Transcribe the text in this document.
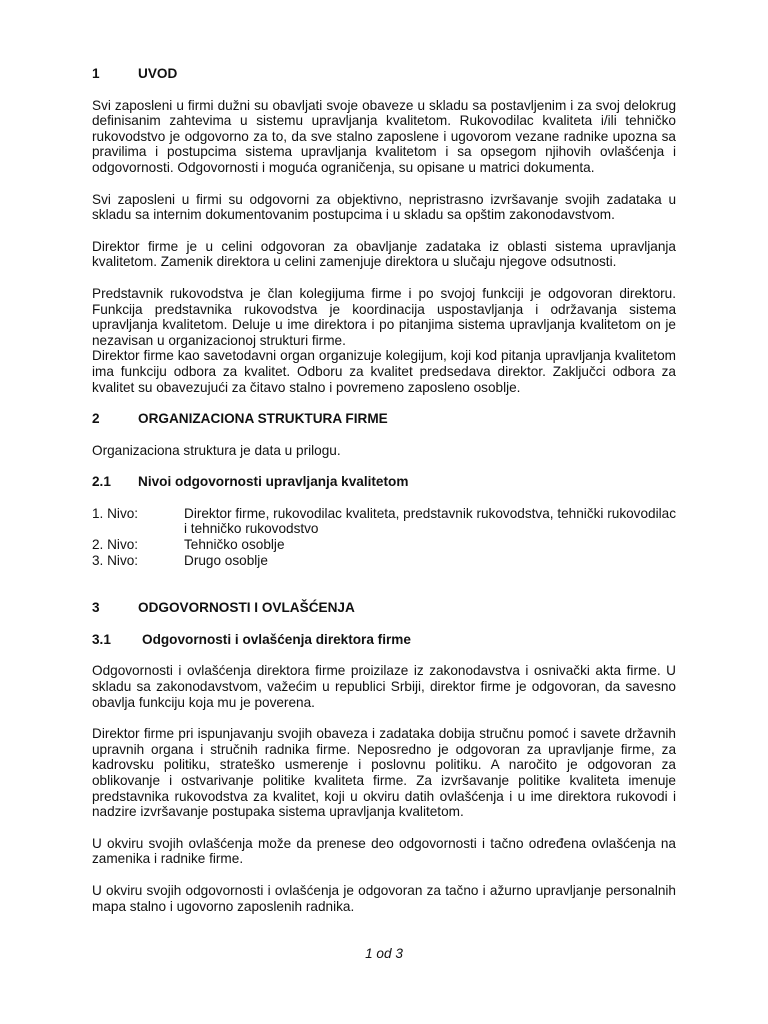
1	UVOD

Svi zaposleni u firmi dužni su obavljati svoje obaveze u skladu sa postavljenim i za svoj delokrug definisanim zahtevima u sistemu upravljanja kvalitetom. Rukovodilac kvaliteta i/ili tehničko rukovodstvo je odgovorno za to, da sve stalno zaposlene i ugovorom vezane radnike upozna sa pravilima i postupcima sistema upravljanja kvalitetom i sa opsegom njihovih ovlašćenja i odgovornosti. Odgovornosti i moguća ograničenja, su opisane u matrici dokumenta.

Svi zaposleni u firmi su odgovorni za objektivno, nepristrasno izvršavanje svojih zadataka u skladu sa internim dokumentovanim postupcima i u skladu sa opštim zakonodavstvom.

Direktor firme je u celini odgovoran za obavljanje zadataka iz oblasti sistema upravljanja kvalitetom. Zamenik direktora u celini zamenjuje direktora u slučaju njegove odsutnosti.

Predstavnik rukovodstva je član kolegijuma firme i po svojoj funkciji je odgovoran direktoru. Funkcija predstavnika rukovodstva je koordinacija uspostavljanja i održavanja sistema upravljanja kvalitetom. Deluje u ime direktora i po pitanjima sistema upravljanja kvalitetom on je nezavisan u organizacionoj strukturi firme.

Direktor firme kao savetodavni organ organizuje kolegijum, koji kod pitanja upravljanja kvalitetom ima funkciju odbora za kvalitet. Odboru za kvalitet predsedava direktor. Zaključci odbora za kvalitet su obavezujući za čitavo stalno i povremeno zaposleno osoblje.

2	ORGANIZACIONA STRUKTURA FIRME

Organizaciona struktura je data u prilogu.

2.1	Nivoi odgovornosti upravljanja kvalitetom
1. Nivo:	Direktor firme, rukovodilac kvaliteta, predstavnik rukovodstva, tehnički rukovodilac i tehničko rukovodstvo
2. Nivo:	Tehničko osoblje
3. Nivo:	Drugo osoblje
3	ODGOVORNOSTI I OVLAŠĆENJA
3.1	Odgovornosti i ovlašćenja direktora firme

Odgovornosti i ovlašćenja direktora firme proizilaze iz zakonodavstva i osnivački akta firme. U skladu sa zakonodavstvom, važećim u republici Srbiji, direktor firme je odgovoran, da savesno obavlja funkciju koja mu je poverena.

Direktor firme pri ispunjavanju svojih obaveza i zadataka dobija stručnu pomoć i savete državnih upravnih organa i stručnih radnika firme. Neposredno je odgovoran za upravljanje firme, za kadrovsku politiku, strateško usmerenje i poslovnu politiku. A naročito je odgovoran za oblikovanje i ostvarivanje politike kvaliteta firme. Za izvršavanje politike kvaliteta imenuje predstavnika rukovodstva za kvalitet, koji u okviru datih ovlašćenja i u ime direktora rukovodi i nadzire izvršavanje postupaka sistema upravljanja kvalitetom.

U okviru svojih ovlašćenja može da prenese deo odgovornosti i tačno određena ovlašćenja na zamenika i radnike firme.

U okviru svojih odgovornosti i ovlašćenja je odgovoran za tačno i ažurno upravljanje personalnih mapa stalno i ugovorno zaposlenih radnika.

1 od 3
